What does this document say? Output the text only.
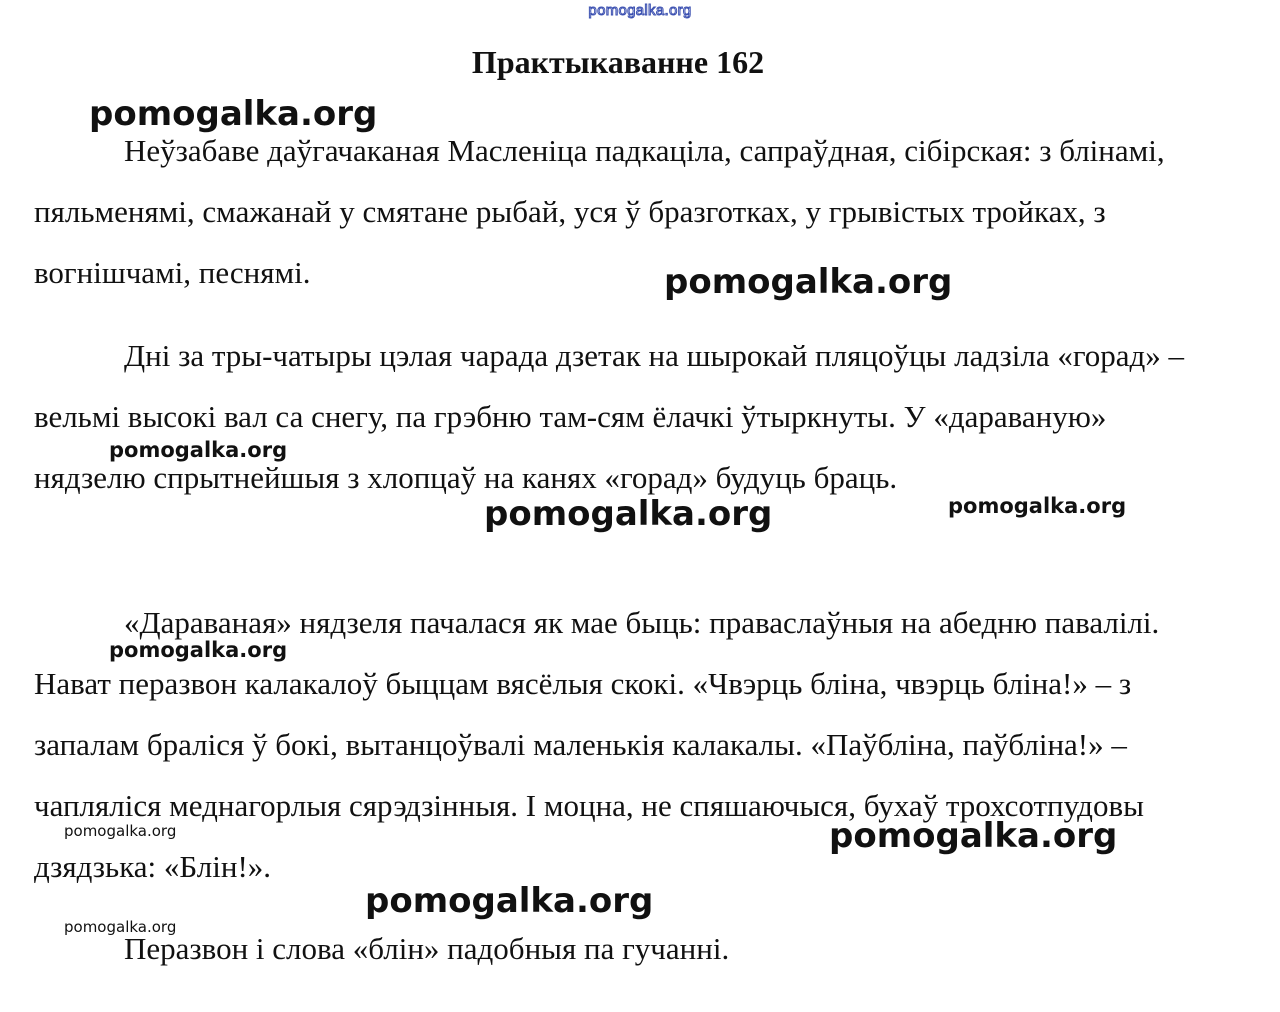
pomogalka.org
Практыкаванне 162

Неўзабаве даўгачаканая Масленіца падкаціла, сапраўдная, сібірская: з блінамі, пяльменямі, смажанай у смятане рыбай, уся ў бразготках, у грывістых тройках, з вогнішчамі, песнямі.

Дні за тры-чатыры цэлая чарада дзетак на шырокай пляцоўцы ладзіла «горад» – вельмі высокі вал са снегу, па грэбню там-сям ёлачкі ўтыркнуты. У «дараваную» нядзелю спрытнейшыя з хлопцаў на канях «горад» будуць браць.

«Дараваная» нядзеля пачалася як мае быць: праваслаўныя на абедню павалілі. Нават перазвон калакалоў быццам вясёлыя скокі. «Чвэрць бліна, чвэрць бліна!» – з запалам браліся ў бокі, вытанцоўвалі маленькія калакалы. «Паўбліна, паўбліна!» – чапляліся меднагорлыя сярэдзінныя. І моцна, не спяшаючыся, бухаў трохсотпудовы дзядзька: «Блін!».

Перазвон і слова «блін» падобныя па гучанні.

pomogalka.org
pomogalka.org
pomogalka.org
pomogalka.org	pomogalka.org
pomogalka.org
pomogalka.org	pomogalka.org
pomogalka.org
pomogalka.org
